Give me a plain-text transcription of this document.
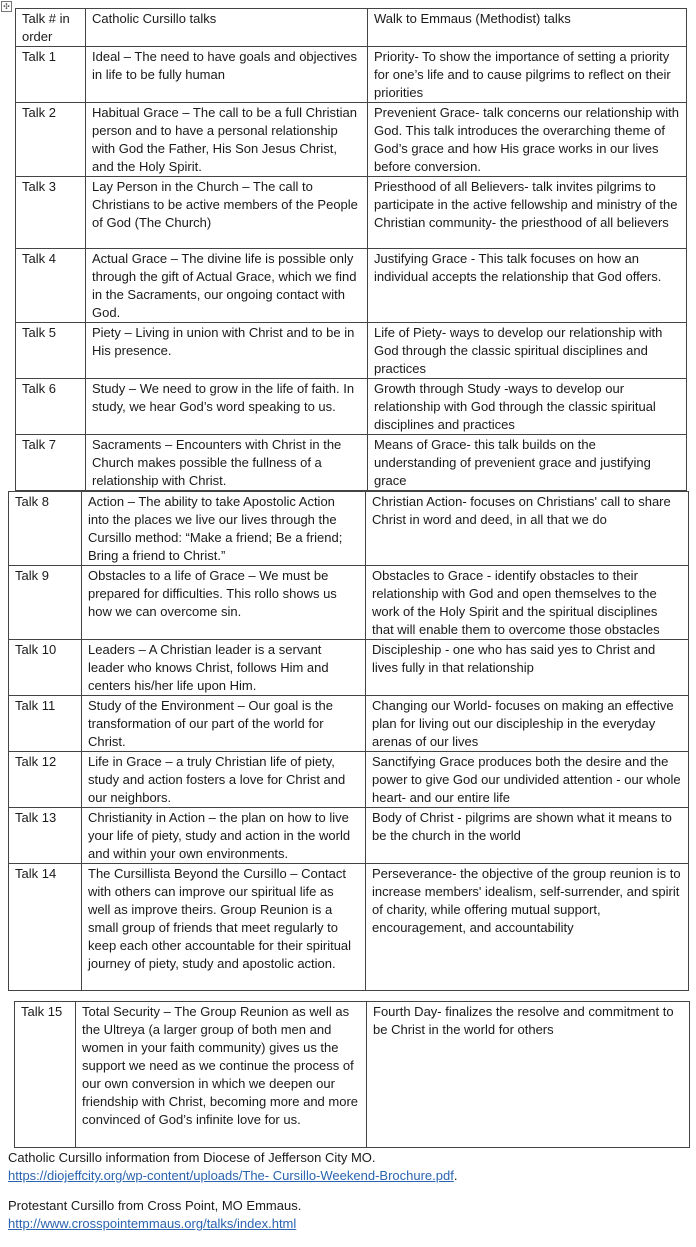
✣
Talk # in order	Catholic Cursillo talks	Walk to Emmaus (Methodist) talks
Talk 1	Ideal – The need to have goals and objectives in life to be fully human	Priority- To show the importance of setting a priority for one’s life and to cause pilgrims to reflect on their priorities
Talk 2	Habitual Grace – The call to be a full Christian person and to have a personal relationship with God the Father, His Son Jesus Christ, and the Holy Spirit.	Prevenient Grace- talk concerns our relationship with God. This talk introduces the overarching theme of God’s grace and how His grace works in our lives before conversion.
Talk 3	Lay Person in the Church – The call to Christians to be active members of the People of God (The Church)	Priesthood of all Believers- talk invites pilgrims to participate in the active fellowship and ministry of the Christian community- the priesthood of all believers
Talk 4	Actual Grace – The divine life is possible only through the gift of Actual Grace, which we find in the Sacraments, our ongoing contact with God.	Justifying Grace - This talk focuses on how an individual accepts the relationship that God offers.
Talk 5	Piety – Living in union with Christ and to be in His presence.	Life of Piety- ways to develop our relationship with God through the classic spiritual disciplines and practices
Talk 6	Study – We need to grow in the life of faith. In study, we hear God’s word speaking to us.	Growth through Study -ways to develop our relationship with God through the classic spiritual disciplines and practices
Talk 7	Sacraments – Encounters with Christ in the Church makes possible the fullness of a relationship with Christ.	Means of Grace- this talk builds on the understanding of prevenient grace and justifying grace
Talk 8	Action – The ability to take Apostolic Action into the places we live our lives through the Cursillo method: “Make a friend; Be a friend; Bring a friend to Christ.”	Christian Action- focuses on Christians' call to share Christ in word and deed, in all that we do
Talk 9	Obstacles to a life of Grace – We must be prepared for difficulties. This rollo shows us how we can overcome sin.	Obstacles to Grace - identify obstacles to their relationship with God and open themselves to the work of the Holy Spirit and the spiritual disciplines that will enable them to overcome those obstacles
Talk 10	Leaders – A Christian leader is a servant leader who knows Christ, follows Him and centers his/her life upon Him.	Discipleship - one who has said yes to Christ and lives fully in that relationship
Talk 11	Study of the Environment – Our goal is the transformation of our part of the world for Christ.	Changing our World- focuses on making an effective plan for living out our discipleship in the everyday arenas of our lives
Talk 12	Life in Grace – a truly Christian life of piety, study and action fosters a love for Christ and our neighbors.	Sanctifying Grace produces both the desire and the power to give God our undivided attention - our whole heart- and our entire life
Talk 13	Christianity in Action – the plan on how to live your life of piety, study and action in the world and within your own environments.	Body of Christ - pilgrims are shown what it means to be the church in the world
Talk 14	The Cursillista Beyond the Cursillo – Contact with others can improve our spiritual life as well as improve theirs. Group Reunion is a small group of friends that meet regularly to keep each other accountable for their spiritual journey of piety, study and apostolic action.	Perseverance- the objective of the group reunion is to increase members' idealism, self-surrender, and spirit of charity, while offering mutual support, encouragement, and accountability
Talk 15	Total Security – The Group Reunion as well as the Ultreya (a larger group of both men and women in your faith community) gives us the support we need as we continue the process of our own conversion in which we deepen our friendship with Christ, becoming more and more convinced of God’s infinite love for us.	Fourth Day- finalizes the resolve and commitment to be Christ in the world for others
Catholic Cursillo information from Diocese of Jefferson City MO.
https://diojeffcity.org/wp-content/uploads/The- Cursillo-Weekend-Brochure.pdf.
Protestant Cursillo from Cross Point, MO Emmaus.
http://www.crosspointemmaus.org/talks/index.html
